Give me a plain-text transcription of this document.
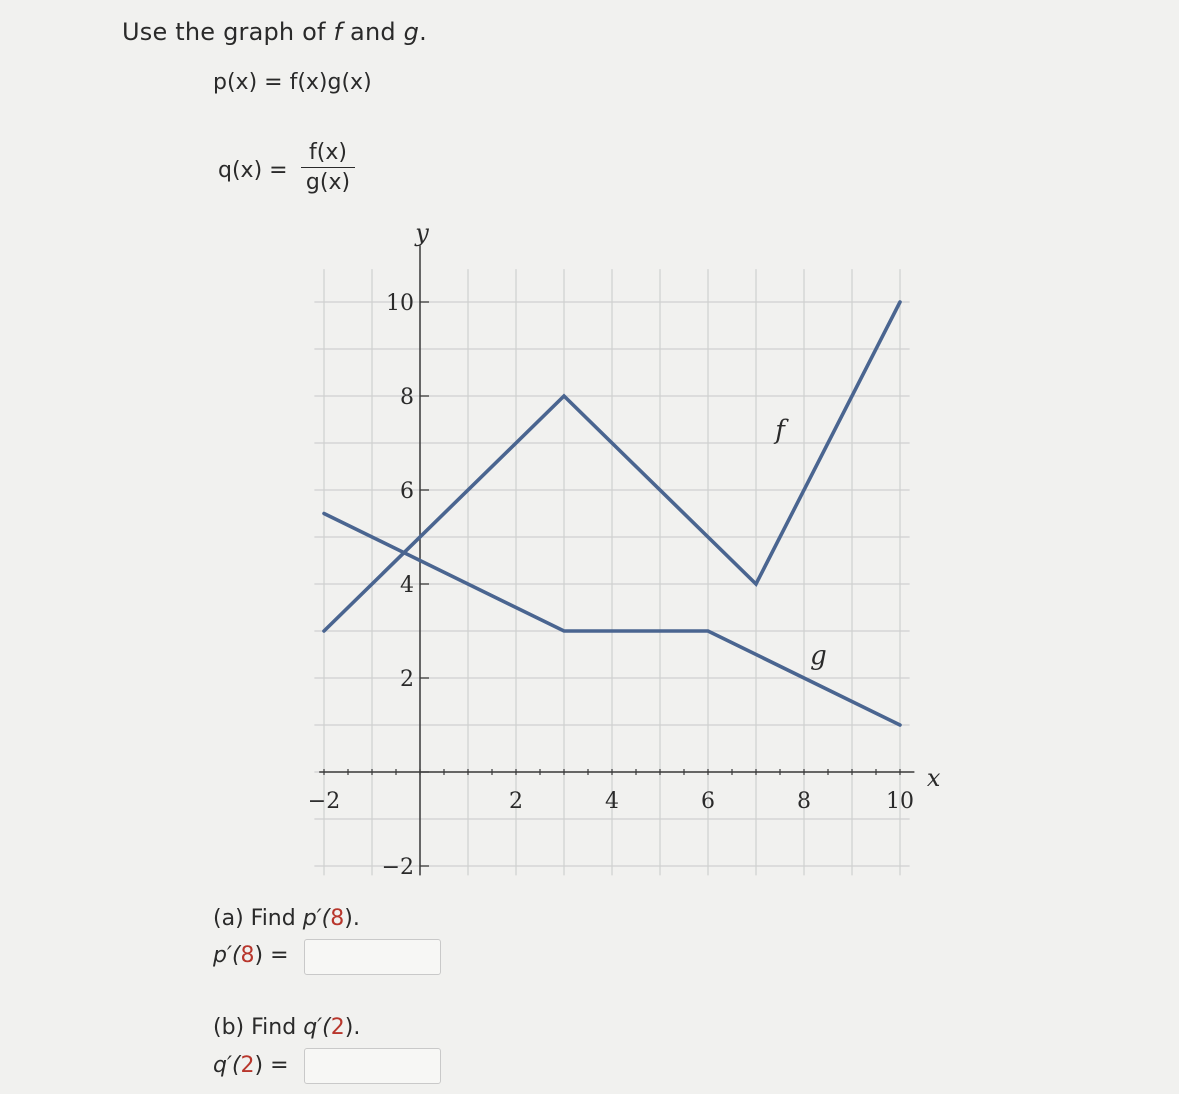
Use the graph of f and g.
p(x) = f(x)g(x)
q(x) =
f(x)
g(x)
−2	2	4	6	8	10
10
8
6
4
2
−2
x
y
f
g
(a) Find p′(8).
p′(8) =
(b) Find q′(2).
q′(2) =
